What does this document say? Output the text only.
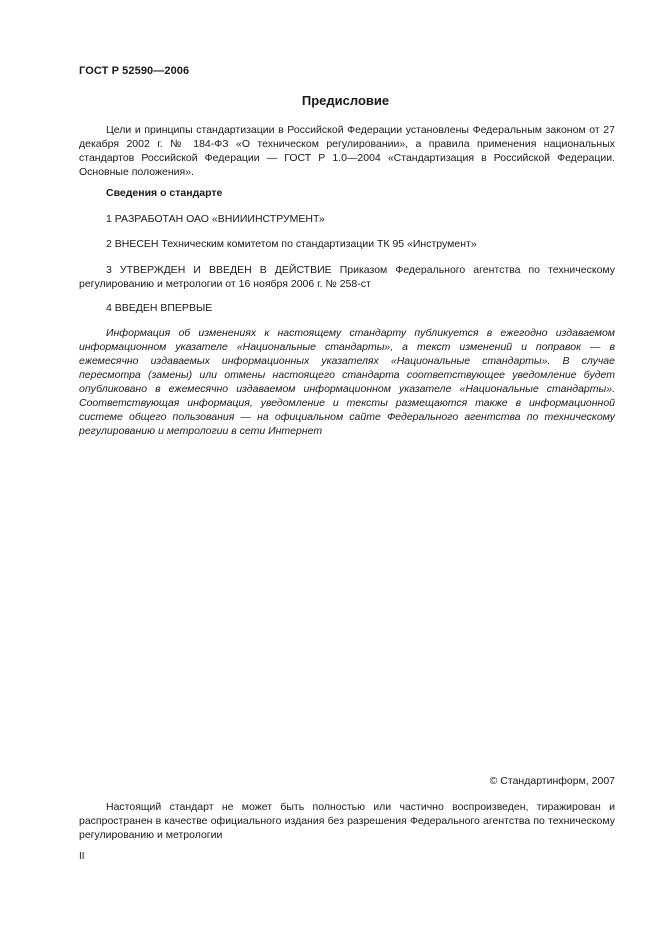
ГОСТ Р 52590—2006
Предисловие

Цели и принципы стандартизации в Российской Федерации установлены Федеральным законом от 27 декабря 2002 г. № 184-ФЗ «О техническом регулировании», а правила применения национальных стандартов Российской Федерации — ГОСТ Р 1.0—2004 «Стандартизация в Российской Федерации. Основные положения».

Сведения о стандарте

1 РАЗРАБОТАН ОАО «ВНИИИНСТРУМЕНТ»

2 ВНЕСЕН Техническим комитетом по стандартизации ТК 95 «Инструмент»

3 УТВЕРЖДЕН И ВВЕДЕН В ДЕЙСТВИЕ Приказом Федерального агентства по техническому регулированию и метрологии от 16 ноября 2006 г. № 258-ст

4 ВВЕДЕН ВПЕРВЫЕ

Информация об изменениях к настоящему стандарту публикуется в ежегодно издаваемом информационном указателе «Национальные стандарты», а текст изменений и поправок — в ежемесячно издаваемых информационных указателях «Национальные стандарты». В случае пересмотра (замены) или отмены настоящего стандарта соответствующее уведомление будет опубликовано в ежемесячно издаваемом информационном указателе «Национальные стандарты». Соответствующая информация, уведомление и тексты размещаются также в информационной системе общего пользования — на официальном сайте Федерального агентства по техническому регулированию и метрологии в сети Интернет

© Стандартинформ, 2007

Настоящий стандарт не может быть полностью или частично воспроизведен, тиражирован и распространен в качестве официального издания без разрешения Федерального агентства по техническому регулированию и метрологии

II
